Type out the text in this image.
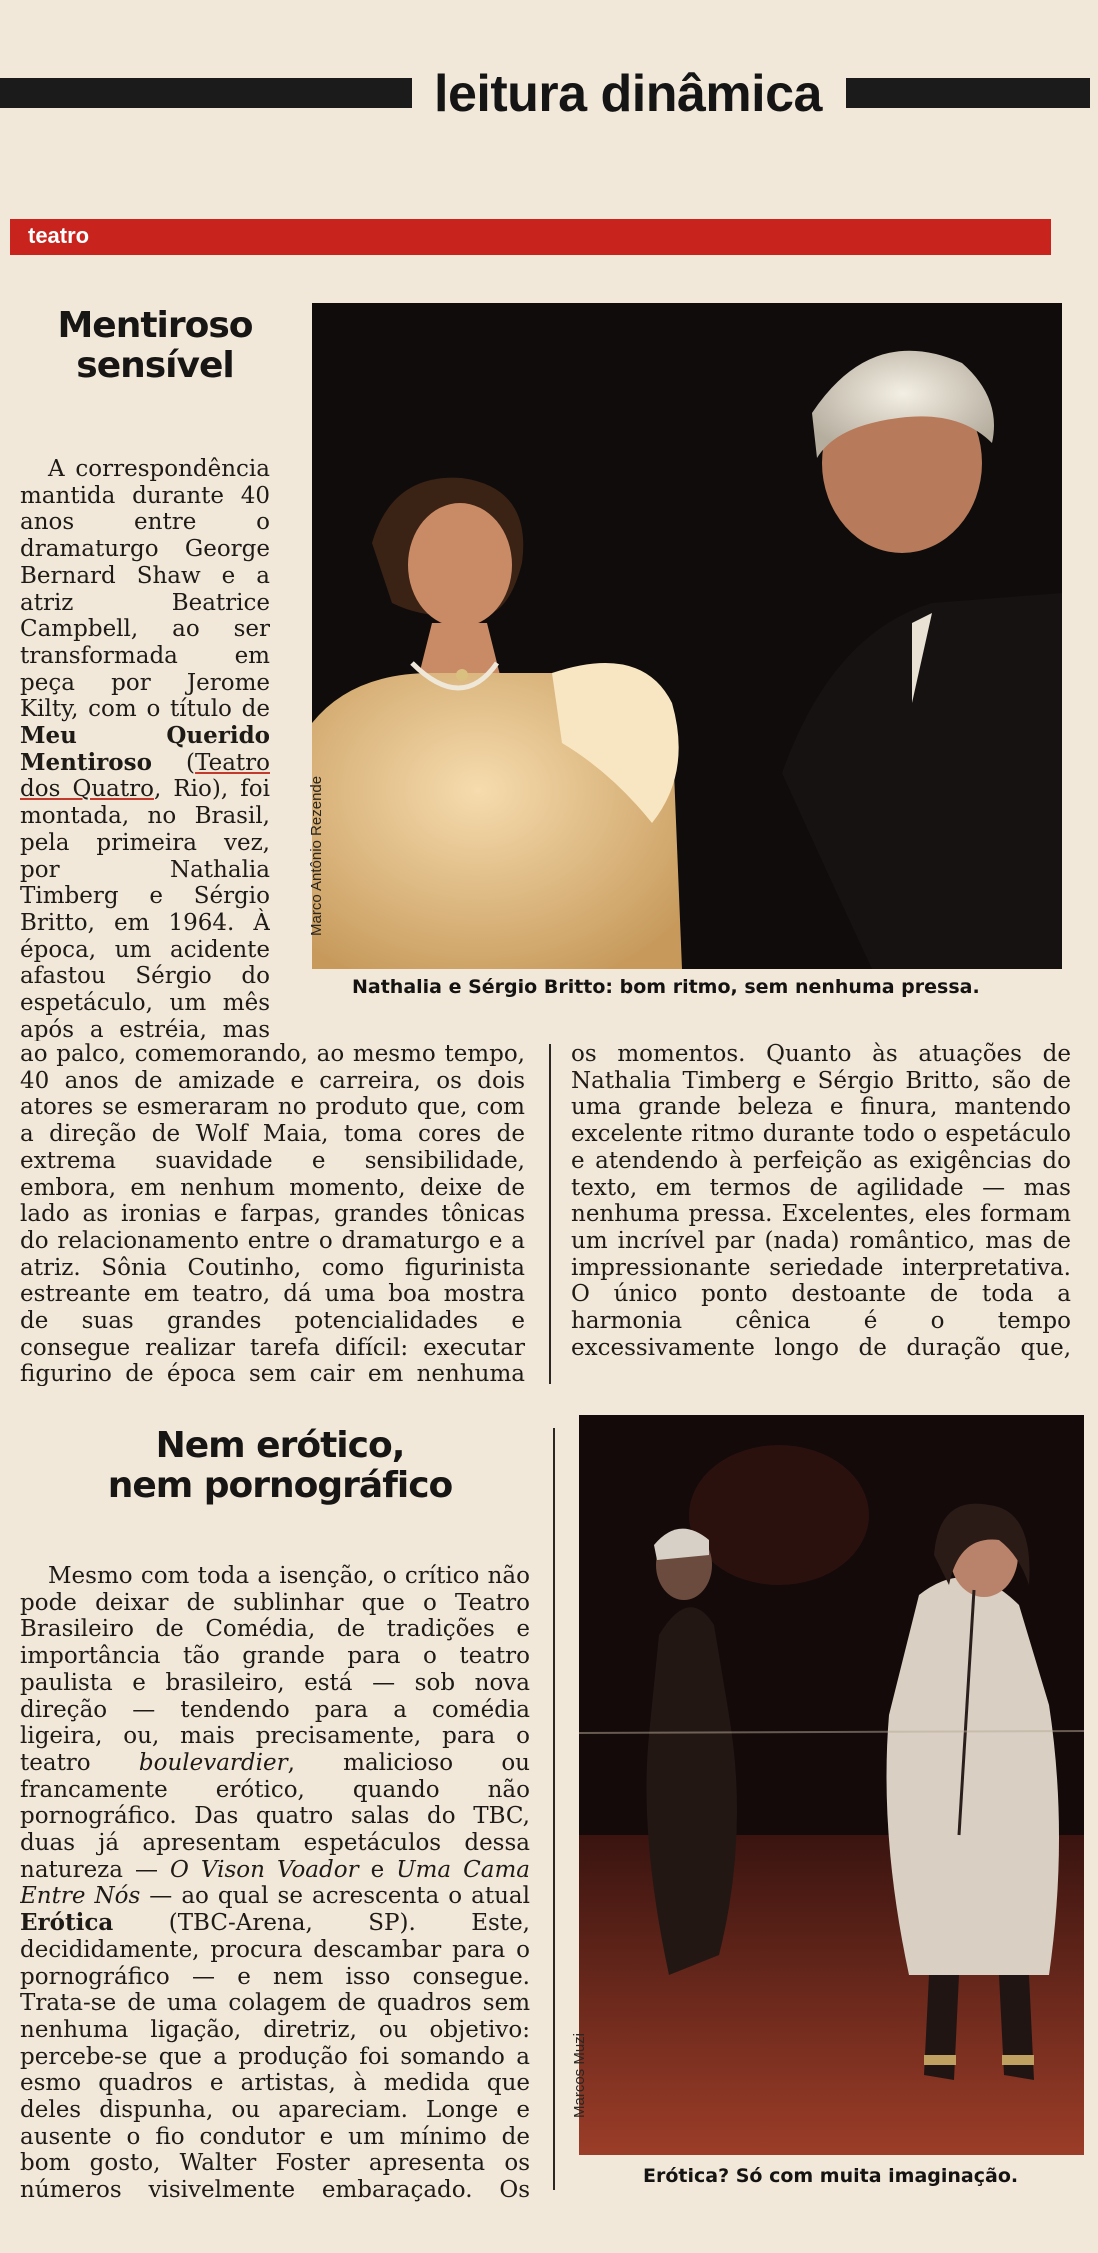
leitura dinâmica
teatro
Mentiroso
sensível

A correspondência mantida durante 40 anos entre o dramaturgo George Bernard Shaw e a atriz Beatrice Campbell, ao ser transformada em peça por Jerome Kilty, com o título de Meu Querido Mentiroso (Teatro dos Quatro, Rio), foi montada, no Brasil, pela primeira vez, por Nathalia Timberg e Sérgio Britto, em 1964. À época, um acidente afastou Sérgio do espetáculo, um mês após a estréia, mas

Marco Antônio Rezende
Nathalia e Sérgio Britto: bom ritmo, sem nenhuma pressa.

ao palco, comemorando, ao mesmo tempo, 40 anos de amizade e carreira, os dois atores se esmeraram no produto que, com a direção de Wolf Maia, toma cores de extrema suavidade e sensibilidade, embora, em nenhum momento, deixe de lado as ironias e farpas, grandes tônicas do relacionamento entre o dramaturgo e a atriz. Sônia Coutinho, como figurinista estreante em teatro, dá uma boa mostra de suas grandes potencialidades e consegue realizar tarefa difícil: executar figurino de época sem cair em nenhuma

os momentos. Quanto às atuações de Nathalia Timberg e Sérgio Britto, são de uma grande beleza e finura, mantendo excelente ritmo durante todo o espetáculo e atendendo à perfeição as exigências do texto, em termos de agilidade — mas nenhuma pressa. Excelentes, eles formam um incrível par (nada) romântico, mas de impressionante seriedade interpretativa. O único ponto destoante de toda a harmonia cênica é o tempo excessivamente longo de duração que,

Nem erótico,
nem pornográfico

Mesmo com toda a isenção, o crítico não pode deixar de sublinhar que o Teatro Brasileiro de Comédia, de tradições e importância tão grande para o teatro paulista e brasileiro, está — sob nova direção — tendendo para a comédia ligeira, ou, mais precisamente, para o teatro boulevardier, malicioso ou francamente erótico, quando não pornográfico. Das quatro salas do TBC, duas já apresentam espetáculos dessa natureza — O Vison Voador e Uma Cama Entre Nós — ao qual se acrescenta o atual Erótica (TBC-Arena, SP). Este, decididamente, procura descambar para o pornográfico — e nem isso consegue. Trata-se de uma colagem de quadros sem nenhuma ligação, diretriz, ou objetivo: percebe-se que a produção foi somando a esmo quadros e artistas, à medida que deles dispunha, ou apareciam. Longe e ausente o fio condutor e um mínimo de bom gosto, Walter Foster apresenta os números visivelmente embaraçado. Os

Marcos Muzi
Erótica? Só com muita imaginação.
